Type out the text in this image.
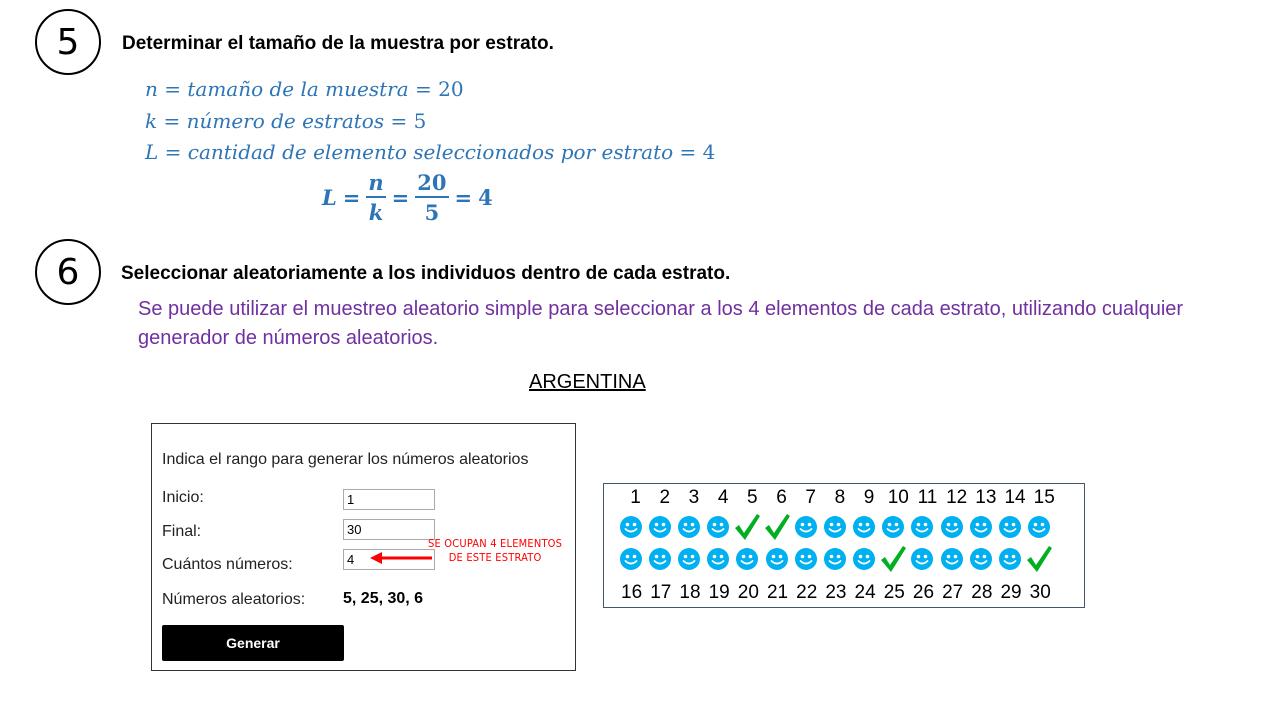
5 Determinar el tamaño de la muestra por estrato.
n = tamaño de la muestra = 20
k = número de estratos = 5
L = cantidad de elemento seleccionados por estrato = 4
$L = \frac{n}{k} = \frac{20}{5} = 4$
6 Seleccionar aleatoriamente a los individuos dentro de cada estrato.
Se puede utilizar el muestreo aleatorio simple para seleccionar a los 4 elementos de cada estrato, utilizando cualquier generador de números aleatorios.
ARGENTINA
Indica el rango para generar los números aleatorios
Inicio:
1
Final:
30
Cuántos números:
4
Números aleatorios: 5, 25, 30, 6
Generar
SE OCUPAN 4 ELEMENTOS
DE ESTE ESTRATO
1 2 3 4 5 6 7 8 9 10 11 12 13 14 15
16 17 18 19 20 21 22 23 24 25 26 27 28 29 30
